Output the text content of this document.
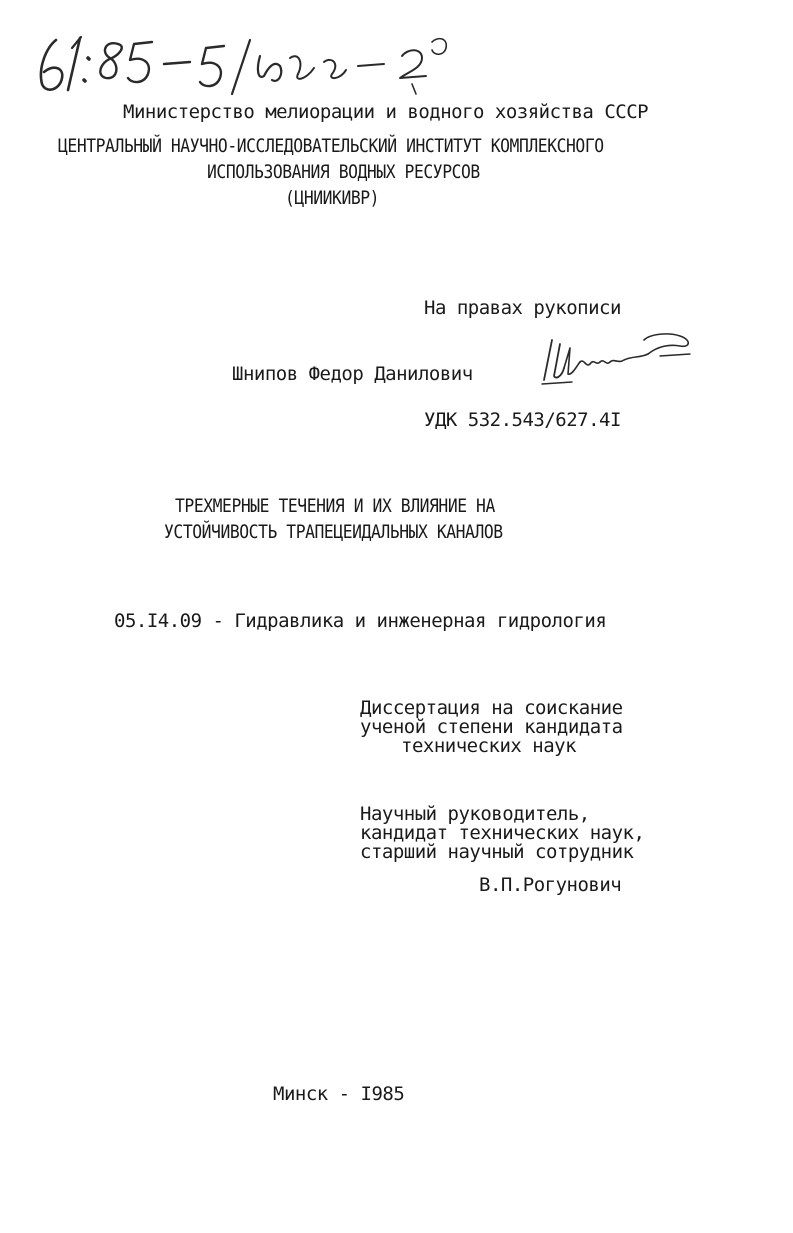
Министерство мелиорации и водного хозяйства СССР
ЦЕНТРАЛЬНЫЙ НАУЧНО-ИССЛЕДОВАТЕЛЬСКИЙ ИНСТИТУТ КОМПЛЕКСНОГО
ИСПОЛЬЗОВАНИЯ ВОДНЫХ РЕСУРСОВ
(ЦНИИКИВР)
На правах рукописи
Шнипов Федор Данилович
УДК 532.543/627.4I
ТРЕХМЕРНЫЕ ТЕЧЕНИЯ И ИХ ВЛИЯНИЕ НА
УСТОЙЧИВОСТЬ ТРАПЕЦЕИДАЛЬНЫХ КАНАЛОВ
05.I4.09 - Гидравлика и инженерная гидрология
Диссертация на соискание
ученой степени кандидата
технических наук
Научный руководитель,
кандидат технических наук,
старший научный сотрудник
В.П.Рогунович
Минск - I985
